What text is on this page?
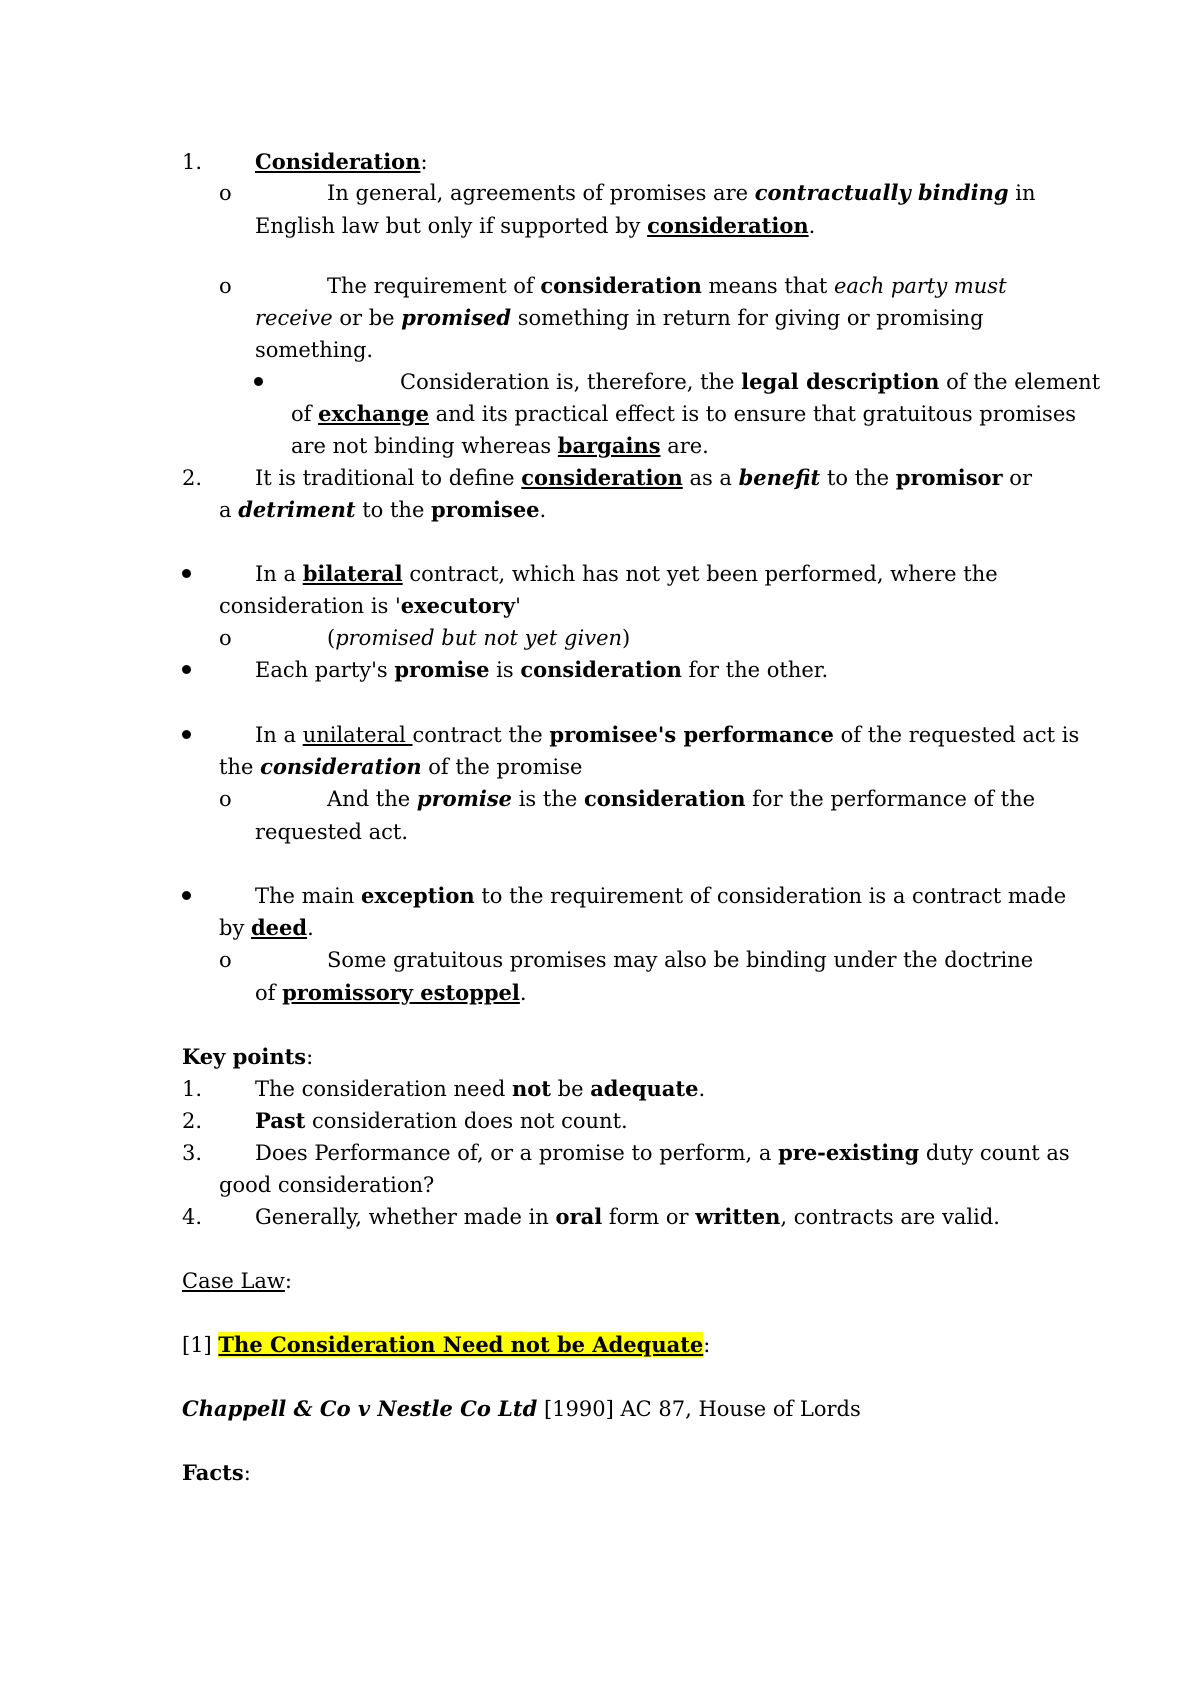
1.	Consideration:
o	In general, agreements of promises are contractually binding in
English law but only if supported by consideration.
o	The requirement of consideration means that each party must
receive or be promised something in return for giving or promising
something.
Consideration is, therefore, the legal description of the element
of exchange and its practical effect is to ensure that gratuitous promises
are not binding whereas bargains are.
2.	It is traditional to define consideration as a benefit to the promisor or
a detriment to the promisee.
In a bilateral contract, which has not yet been performed, where the
consideration is 'executory'
o	(promised but not yet given)
Each party's promise is consideration for the other.
In a unilateral contract the promisee's performance of the requested act is
the consideration of the promise
o	And the promise is the consideration for the performance of the
requested act.
The main exception to the requirement of consideration is a contract made
by deed.
o	Some gratuitous promises may also be binding under the doctrine
of promissory estoppel.
Key points:
1.	The consideration need not be adequate.
2.	Past consideration does not count.
3.	Does Performance of, or a promise to perform, a pre-existing duty count as
good consideration?
4.	Generally, whether made in oral form or written, contracts are valid.
Case Law:
[1] The Consideration Need not be Adequate:
Chappell & Co v Nestle Co Ltd [1990] AC 87, House of Lords
Facts:
